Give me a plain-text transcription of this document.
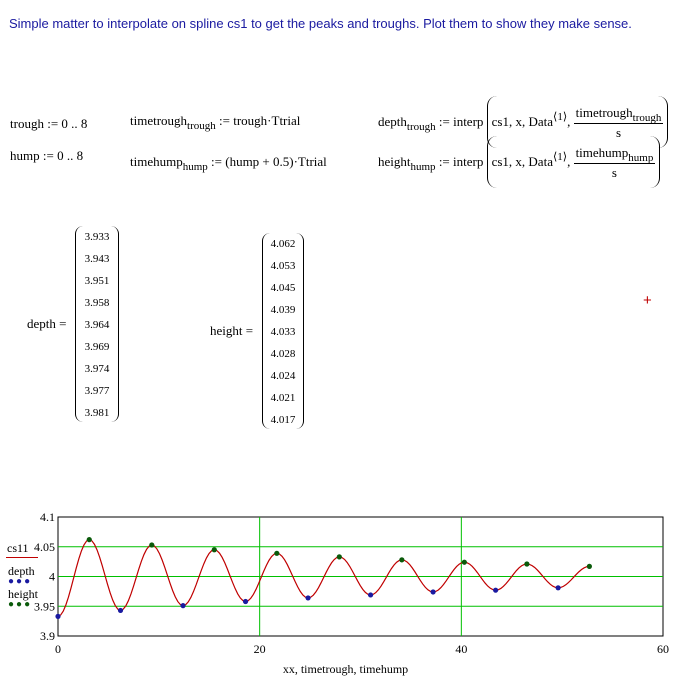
Simple matter to interpolate on spline cs1 to get the peaks and troughs. Plot them to show they make sense.
trough := 0 .. 8	timetrough$_{trough}$ := trough·Ttrial	depth$_{trough}$ := interp cs1, x, Data$^{⟨1⟩}$, $\frac{timetrough_{trough}}{s}$
hump := 0 .. 8	timehump$_{hump}$ := (hump + 0.5)·Ttrial	height$_{hump}$ := interp cs1, x, Data$^{⟨1⟩}$, $\frac{timehump_{hump}}{s}$
depth =
3.933
3.943
3.951
3.958
3.964
3.969
3.974
3.977
3.981
height =
4.062
4.053
4.045
4.039
4.033
4.028
4.024
4.021
4.017
+
cs11
depth
●●●
height
●●●
0	20	40	60
3.9
3.95
4
4.05
4.1
xx, timetrough, timehump
